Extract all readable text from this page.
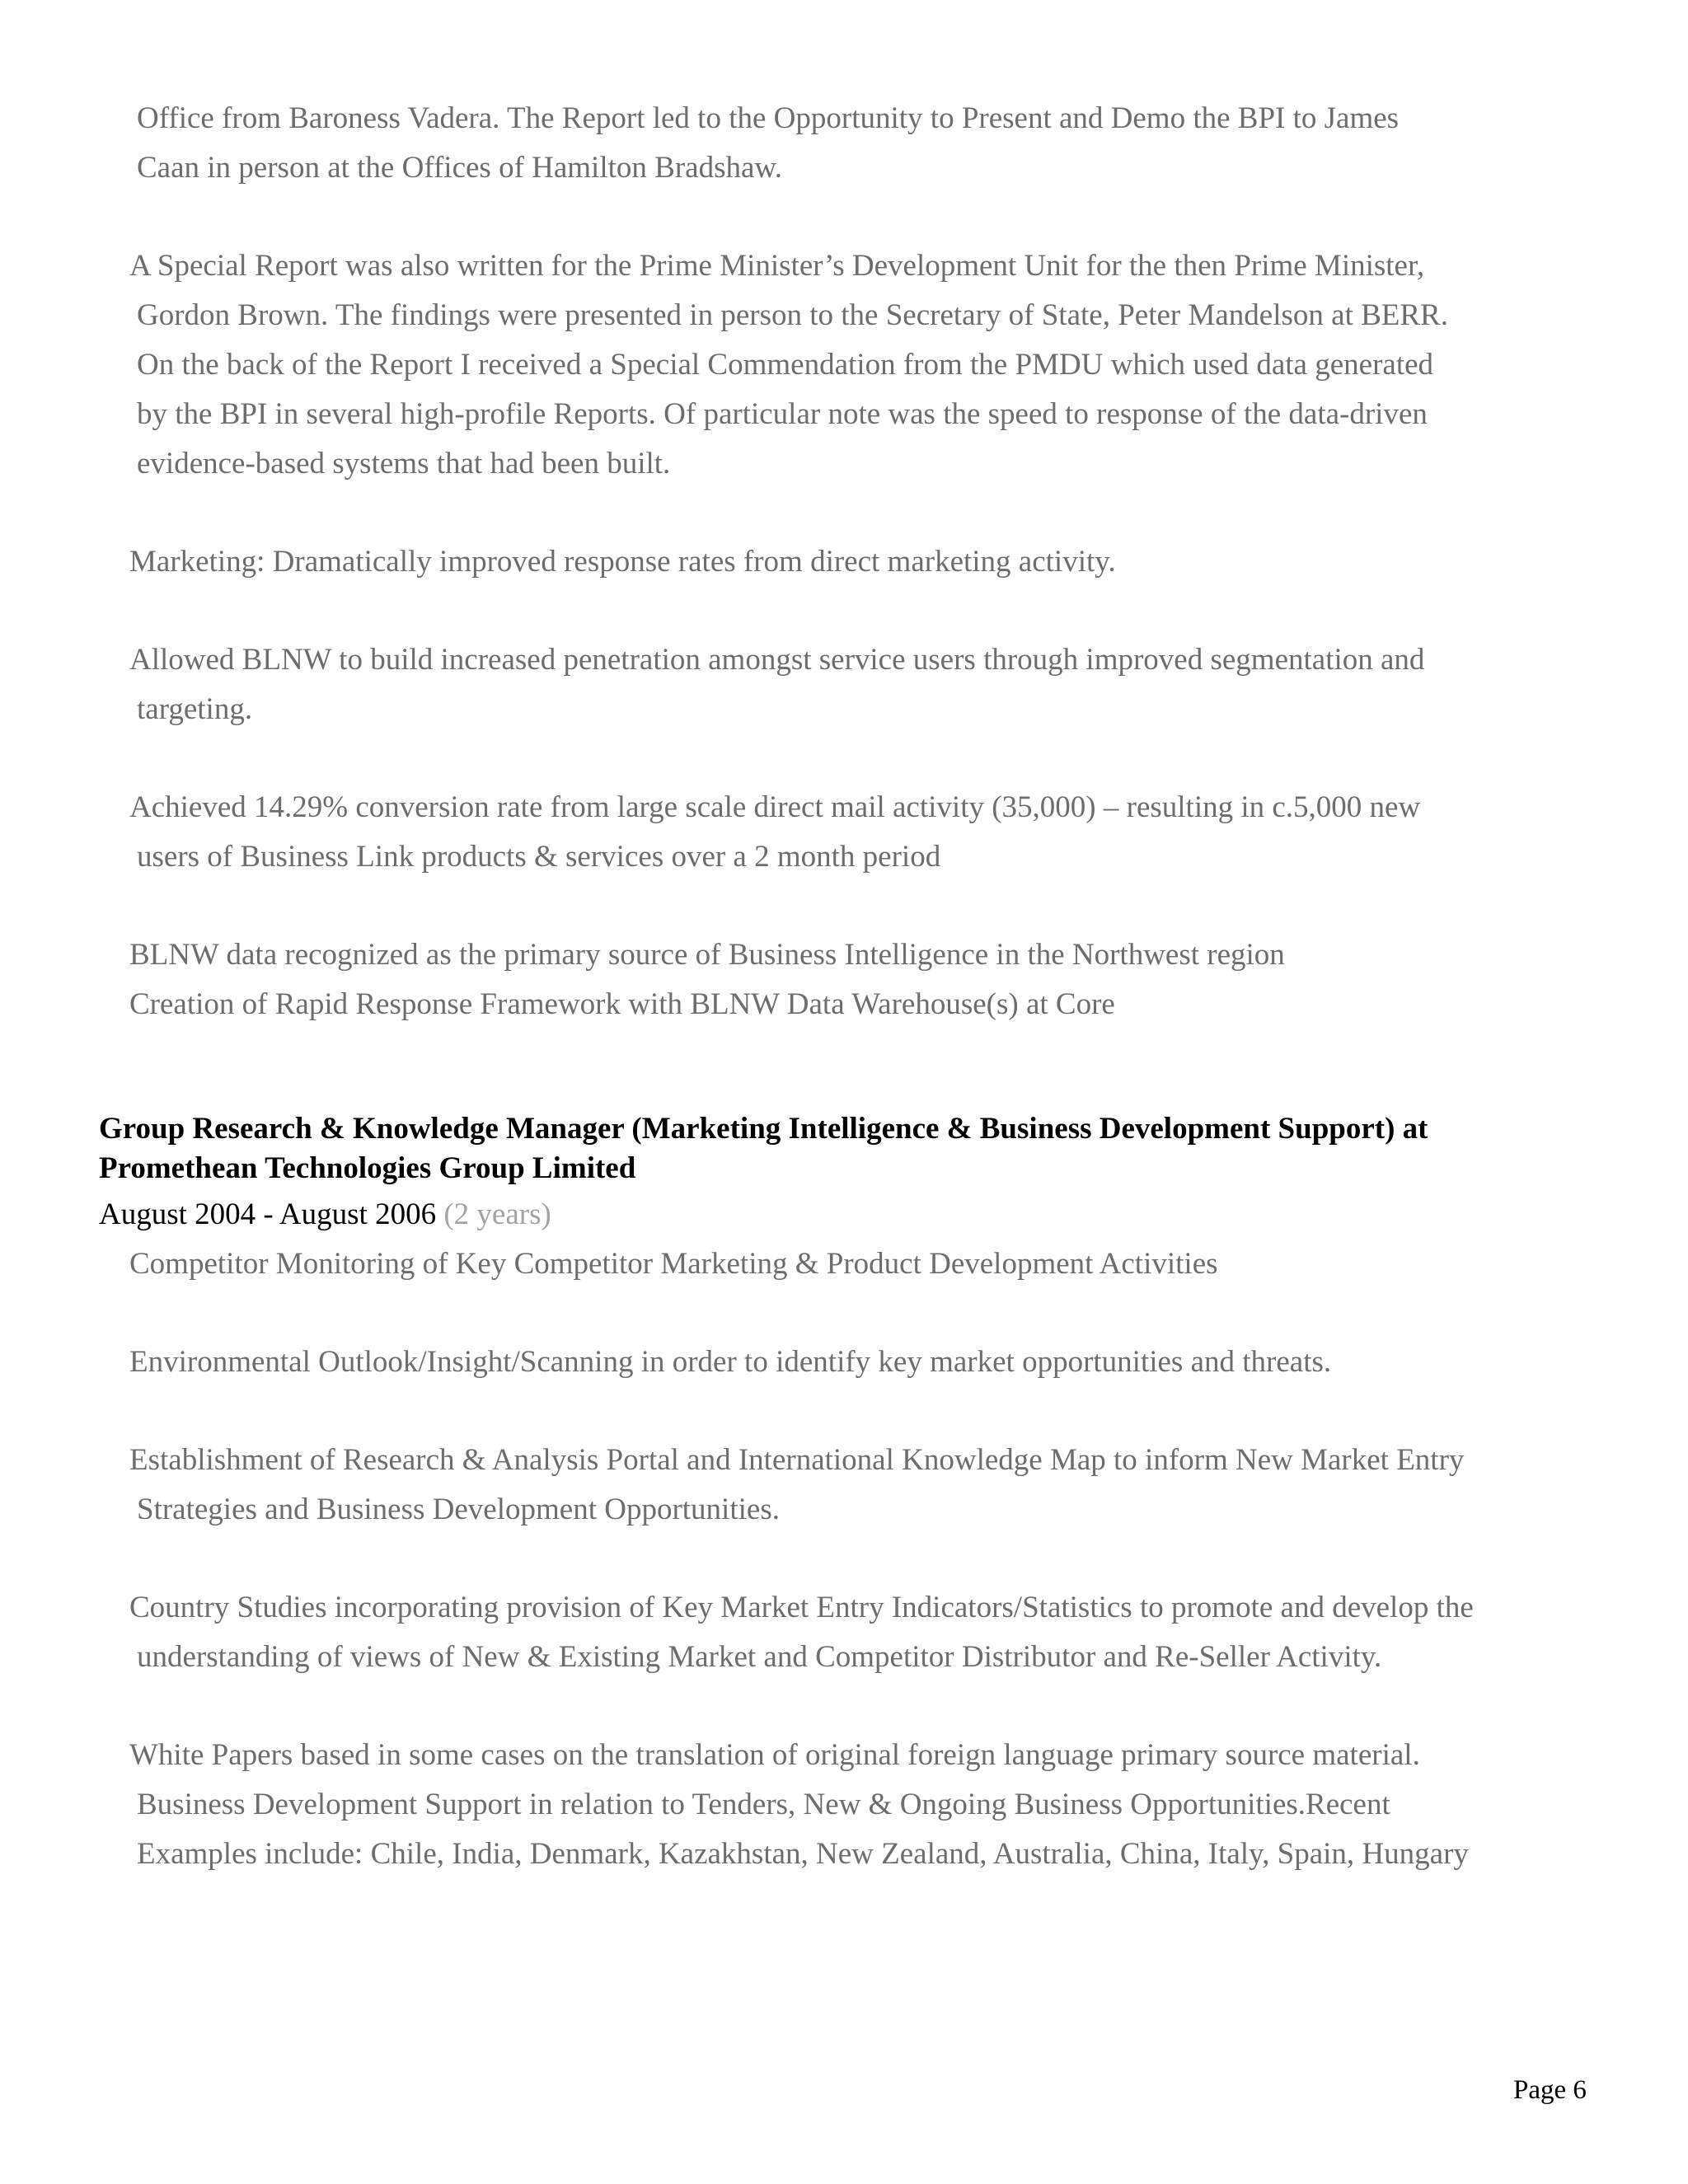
Office from Baroness Vadera. The Report led to the Opportunity to Present and Demo the BPI to James
Caan in person at the Offices of Hamilton Bradshaw.
A Special Report was also written for the Prime Minister’s Development Unit for the then Prime Minister,
Gordon Brown. The findings were presented in person to the Secretary of State, Peter Mandelson at BERR.
On the back of the Report I received a Special Commendation from the PMDU which used data generated
by the BPI in several high-profile Reports. Of particular note was the speed to response of the data-driven
evidence-based systems that had been built.
Marketing: Dramatically improved response rates from direct marketing activity.
Allowed BLNW to build increased penetration amongst service users through improved segmentation and
targeting.
Achieved 14.29% conversion rate from large scale direct mail activity (35,000) – resulting in c.5,000 new
users of Business Link products & services over a 2 month period
BLNW data recognized as the primary source of Business Intelligence in the Northwest region
Creation of Rapid Response Framework with BLNW Data Warehouse(s) at Core
Group Research & Knowledge Manager (Marketing Intelligence & Business Development Support) at
Promethean Technologies Group Limited
August 2004 - August 2006 (2 years)
Competitor Monitoring of Key Competitor Marketing & Product Development Activities
Environmental Outlook/Insight/Scanning in order to identify key market opportunities and threats.
Establishment of Research & Analysis Portal and International Knowledge Map to inform New Market Entry
Strategies and Business Development Opportunities.
Country Studies incorporating provision of Key Market Entry Indicators/Statistics to promote and develop the
understanding of views of New & Existing Market and Competitor Distributor and Re-Seller Activity.
White Papers based in some cases on the translation of original foreign language primary source material.
Business Development Support in relation to Tenders, New & Ongoing Business Opportunities.Recent
Examples include: Chile, India, Denmark, Kazakhstan, New Zealand, Australia, China, Italy, Spain, Hungary
Page 6
